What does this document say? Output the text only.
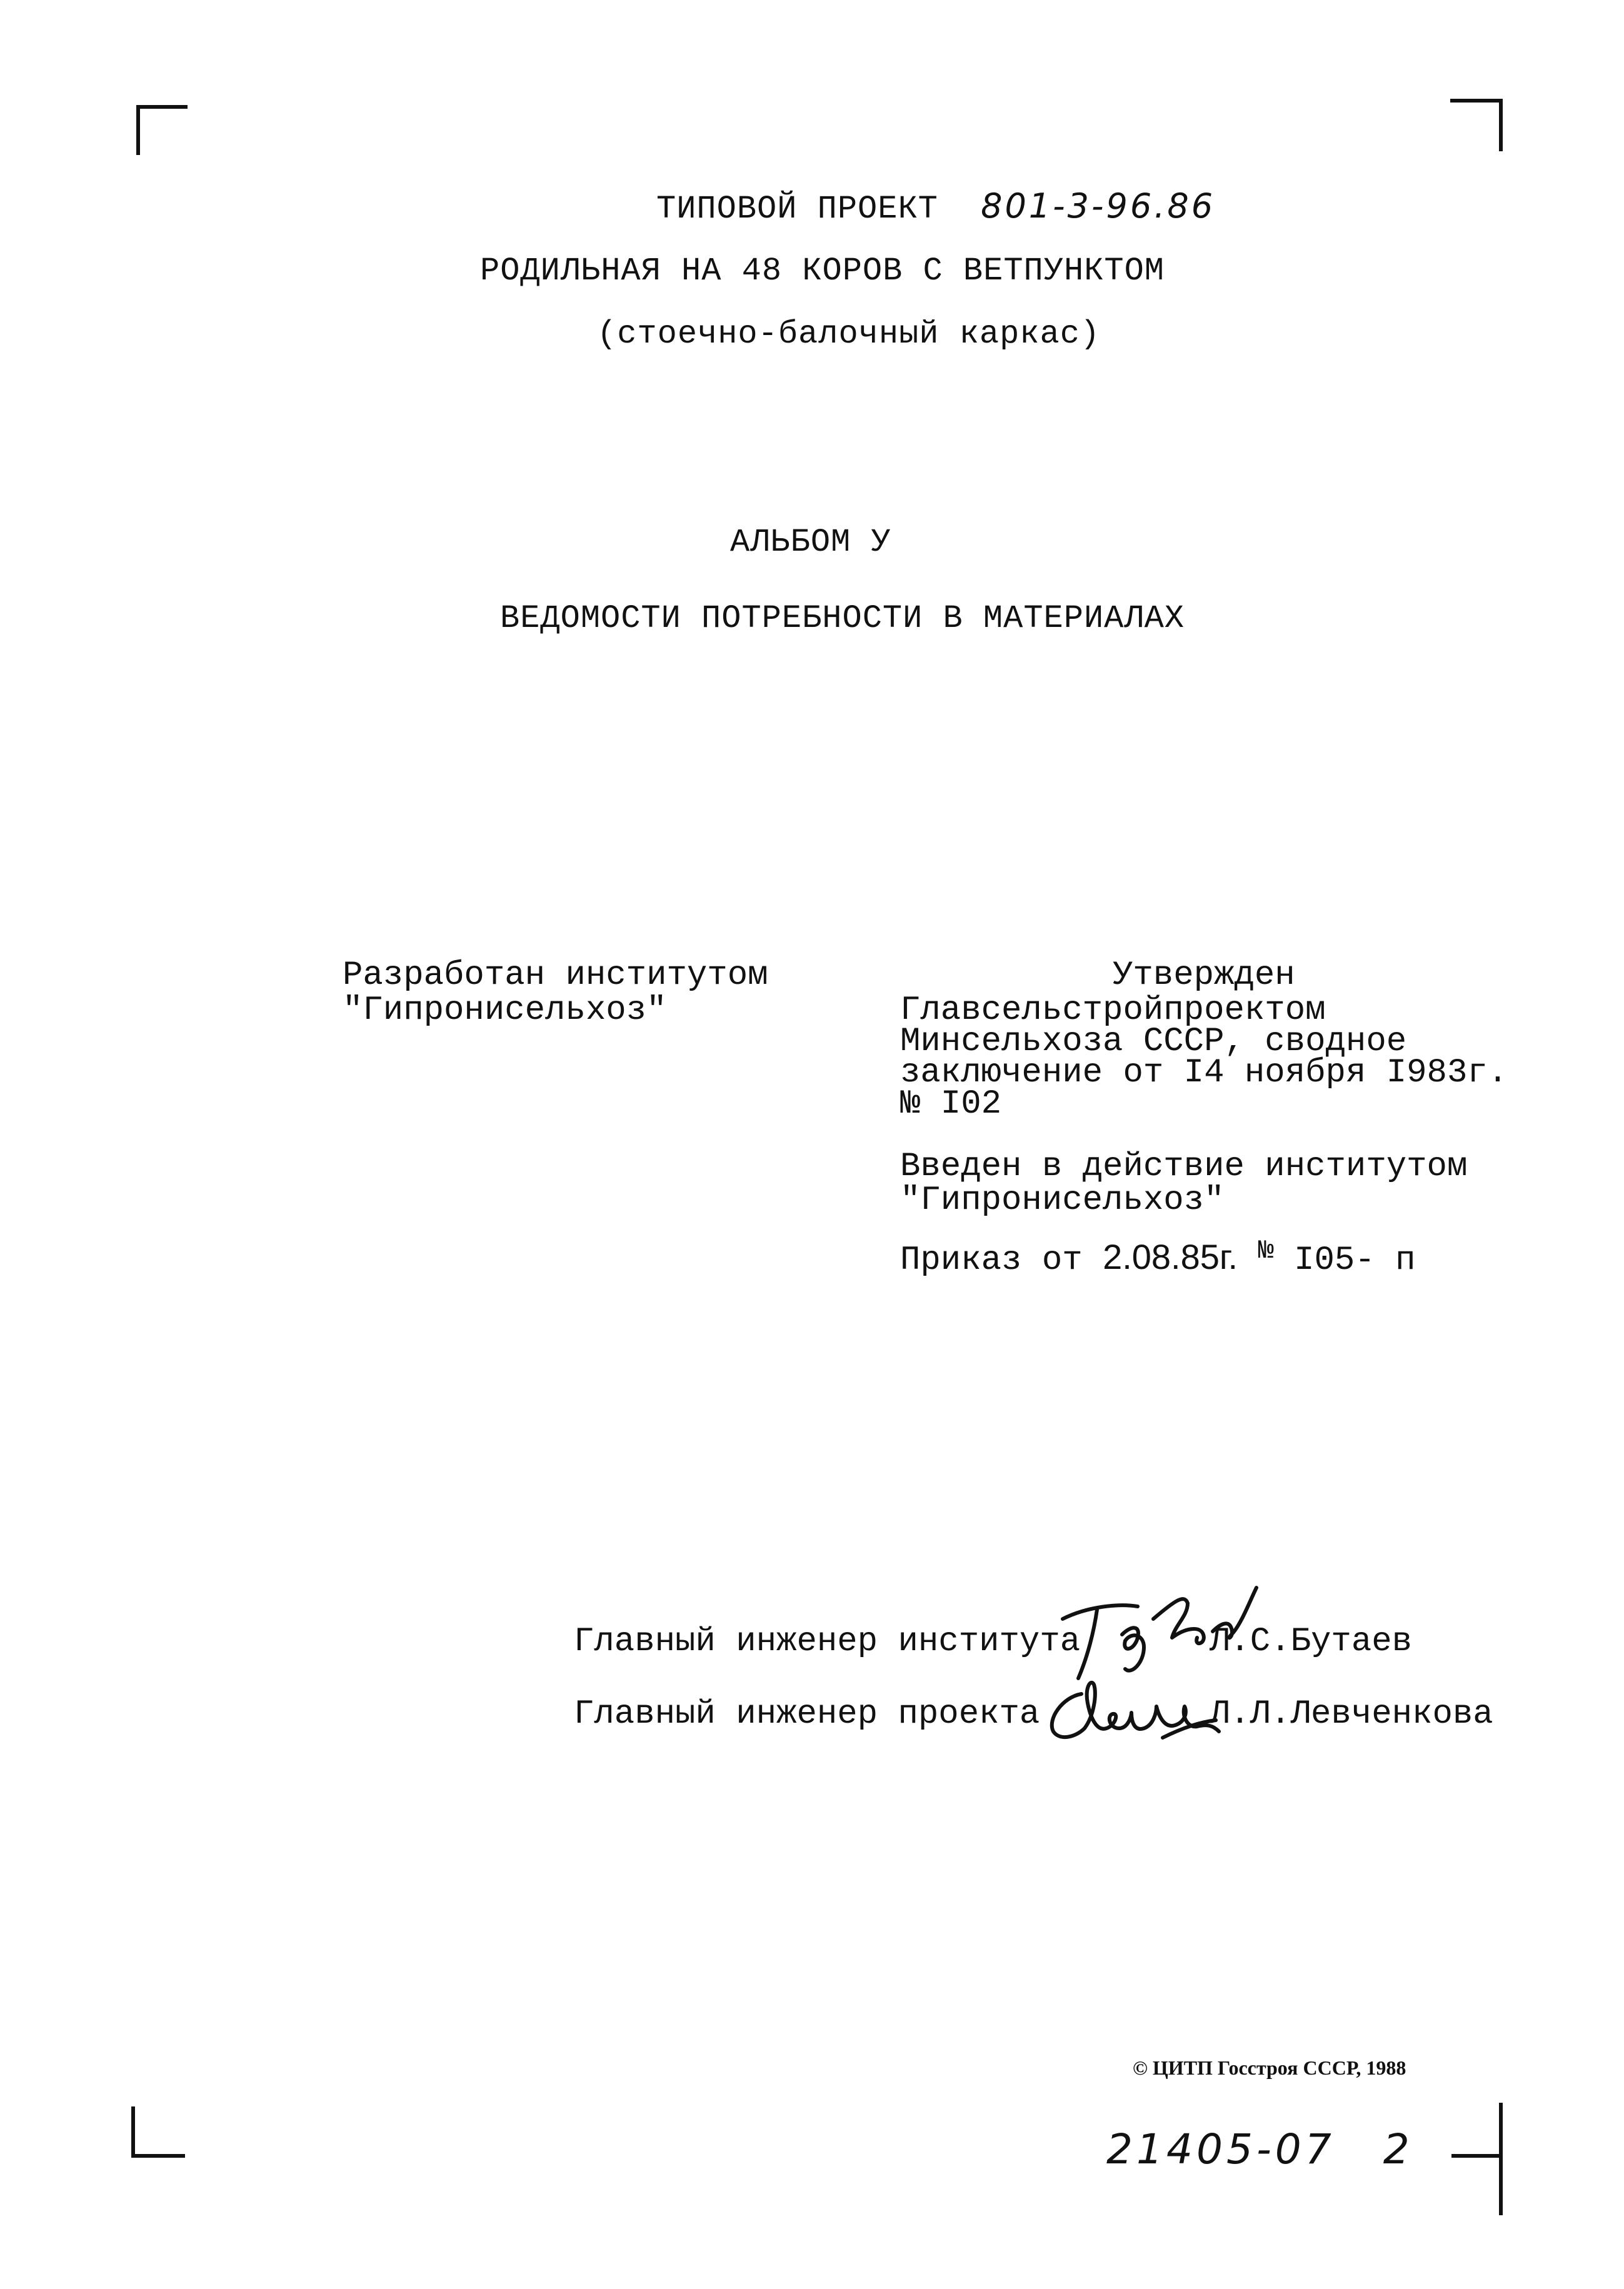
ТИПОВОЙ ПРОЕКТ 801-3-96.86
РОДИЛЬНАЯ НА 48 КОРОВ С ВЕТПУНКТОМ
(стоечно-балочный каркас)
АЛЬБОМ У
ВЕДОМОСТИ ПОТРЕБНОСТИ В МАТЕРИАЛАХ
Разработан институтом
"Гипронисельхоз"
Утвержден
Главсельстройпроектом
Минсельхоза СССР, сводное
заключение от I4 ноября I983г.
№ I02
Введен в действие институтом
"Гипронисельхоз"
Приказ от 2.08.85г. № I05- п
Главный инженер института	Л.С.Бутаев
Главный инженер проекта	Л.Л.Левченкова
© ЦИТП Госстроя СССР, 1988
21405-07 2
